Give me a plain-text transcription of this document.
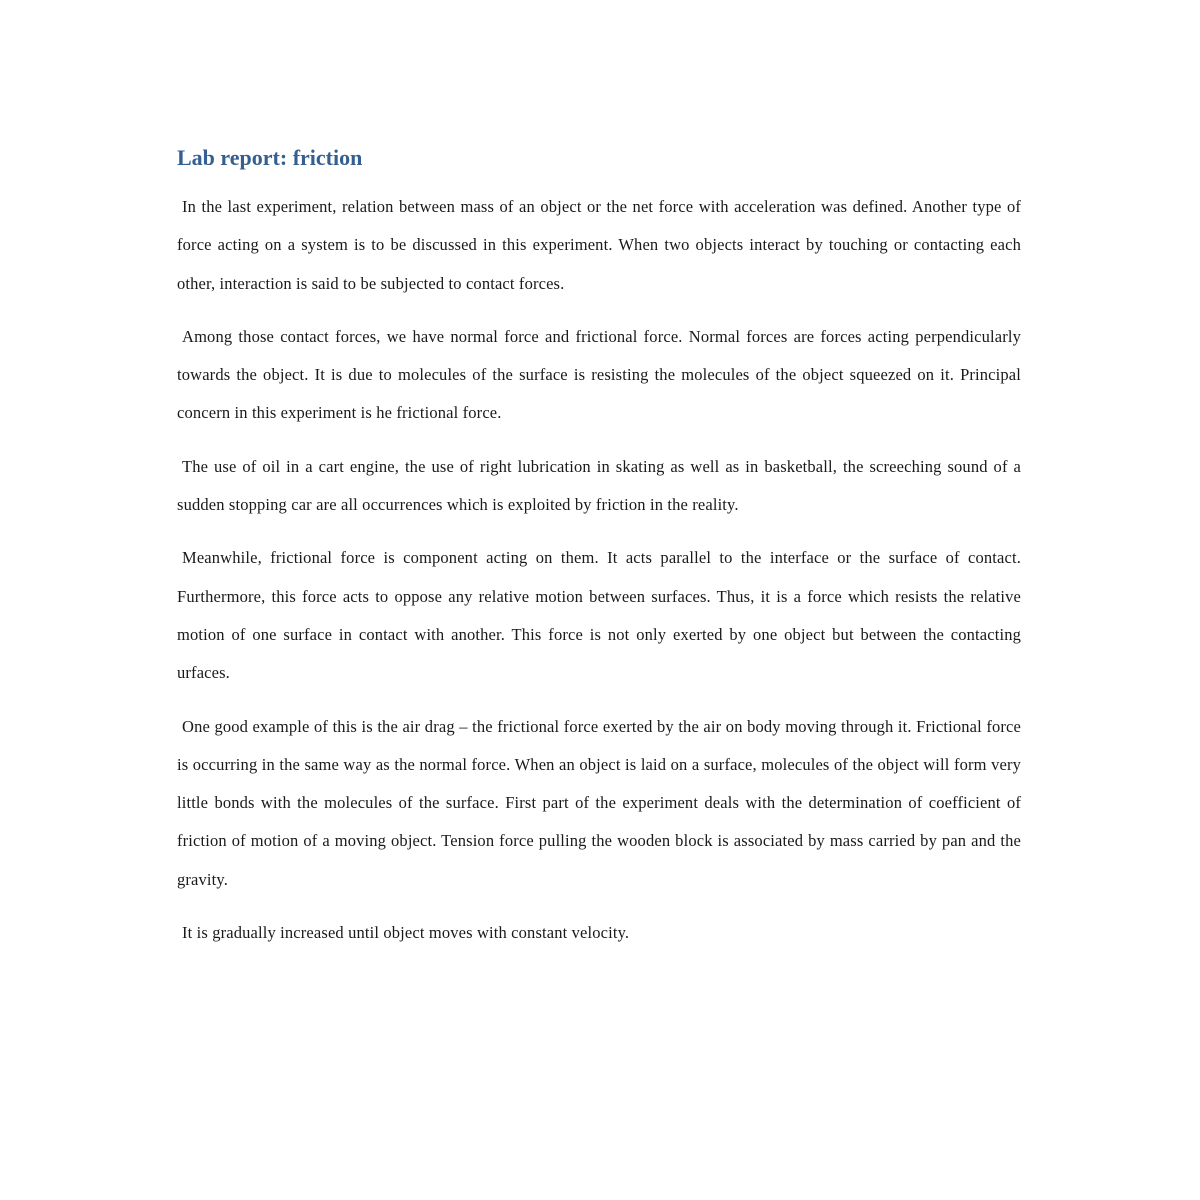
Lab report: friction

In the last experiment, relation between mass of an object or the net force with acceleration was defined. Another type of force acting on a system is to be discussed in this experiment. When two objects interact by touching or contacting each other, interaction is said to be subjected to contact forces.

Among those contact forces, we have normal force and frictional force. Normal forces are forces acting perpendicularly towards the object. It is due to molecules of the surface is resisting the molecules of the object squeezed on it. Principal concern in this experiment is he frictional force.

The use of oil in a cart engine, the use of right lubrication in skating as well as in basketball, the screeching sound of a sudden stopping car are all occurrences which is exploited by friction in the reality.

Meanwhile, frictional force is component acting on them. It acts parallel to the interface or the surface of contact. Furthermore, this force acts to oppose any relative motion between surfaces. Thus, it is a force which resists the relative motion of one surface in contact with another. This force is not only exerted by one object but between the contacting urfaces.

One good example of this is the air drag – the frictional force exerted by the air on body moving through it. Frictional force is occurring in the same way as the normal force. When an object is laid on a surface, molecules of the object will form very little bonds with the molecules of the surface. First part of the experiment deals with the determination of coefficient of friction of motion of a moving object. Tension force pulling the wooden block is associated by mass carried by pan and the gravity.

It is gradually increased until object moves with constant velocity.
